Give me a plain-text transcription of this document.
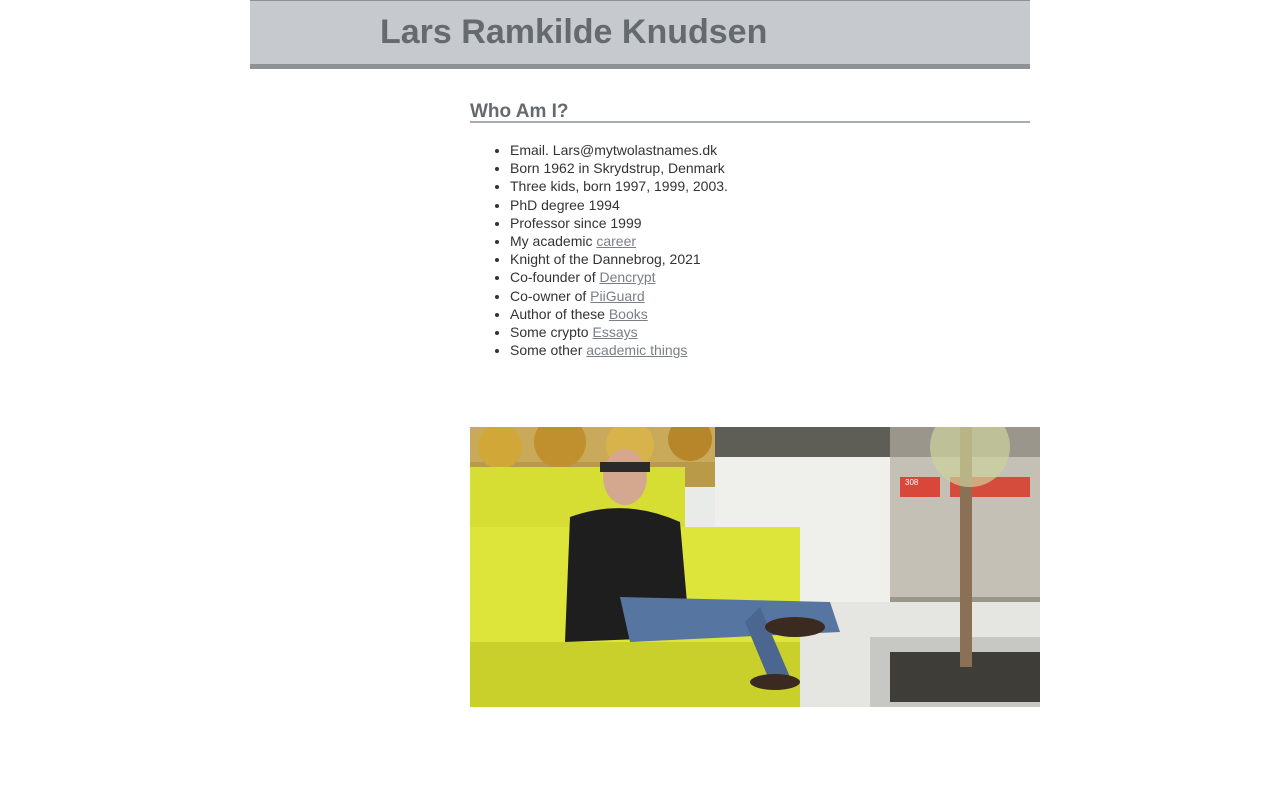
Lars Ramkilde Knudsen
Who Am I?
• Email. Lars@mytwolastnames.dk
• Born 1962 in Skrydstrup, Denmark
• Three kids, born 1997, 1999, 2003.
• PhD degree 1994
• Professor since 1999
• My academic career
• Knight of the Dannebrog, 2021
• Co-founder of Dencrypt
• Co-owner of PiiGuard
• Author of these Books
• Some crypto Essays
• Some other academic things
308
